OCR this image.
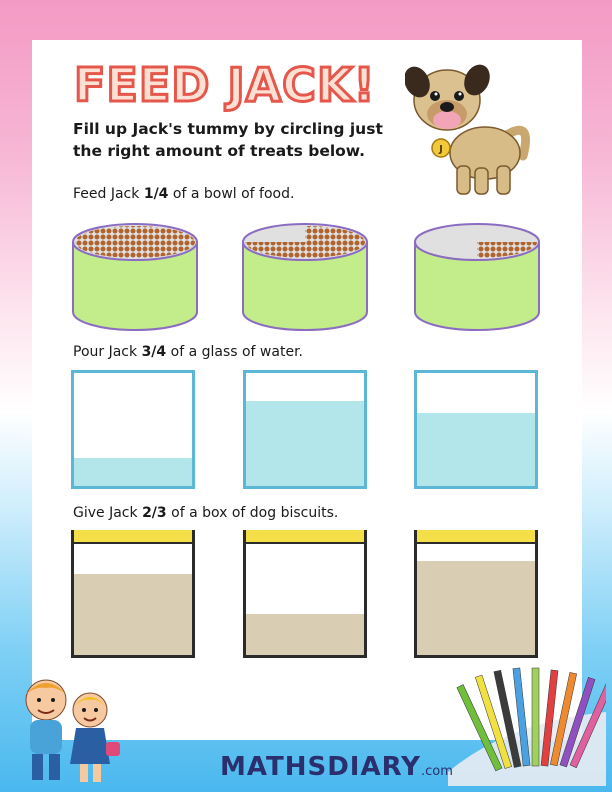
FEED JACK!

Fill up Jack's tummy by circling just the right amount of treats below.	J

Feed Jack 1/4 of a bowl of food.

Pour Jack 3/4 of a glass of water.

Give Jack 2/3 of a box of dog biscuits.

MATHSDIARY.com
